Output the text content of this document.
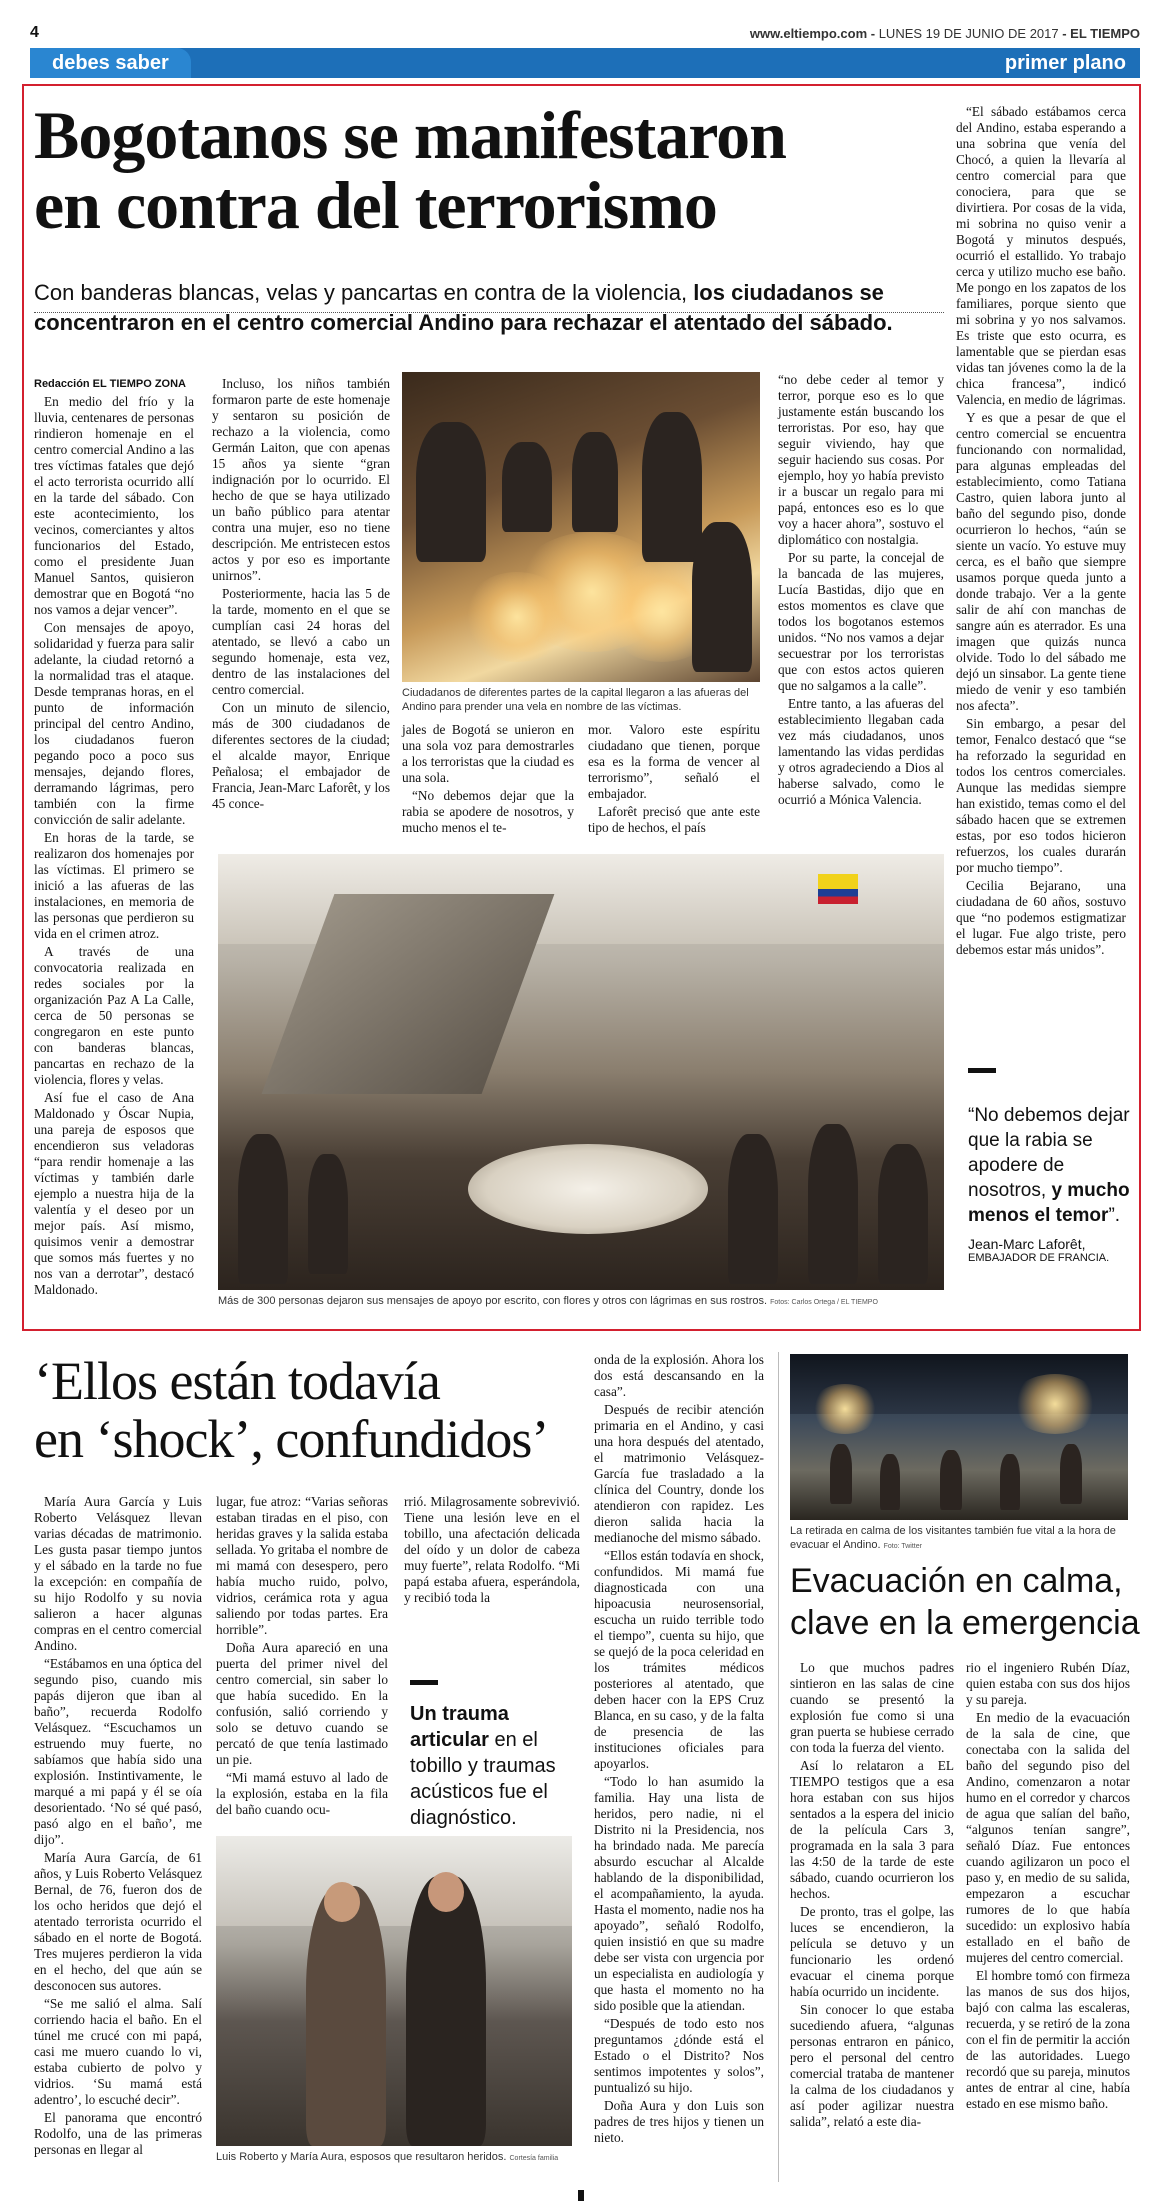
4	www.eltiempo.com - LUNES 19 DE JUNIO DE 2017 - EL TIEMPO
debes saber	primer plano
Bogotanos se manifestaron
en contra del terrorismo
Con banderas blancas, velas y pancartas en contra de la violencia, los ciudadanos se concentraron en el centro comercial Andino para rechazar el atentado del sábado.

Redacción EL TIEMPO ZONA

En medio del frío y la lluvia, centenares de personas rindieron homenaje en el centro comercial Andino a las tres víctimas fatales que dejó el acto terrorista ocurrido allí en la tarde del sábado. Con este acontecimiento, los vecinos, comerciantes y altos funcionarios del Estado, como el presidente Juan Manuel Santos, quisieron demostrar que en Bogotá “no nos vamos a dejar vencer”.

Con mensajes de apoyo, solidaridad y fuerza para salir adelante, la ciudad retornó a la normalidad tras el ataque. Desde tempranas horas, en el punto de información principal del centro Andino, los ciudadanos fueron pegando poco a poco sus mensajes, dejando flores, derramando lágrimas, pero también con la firme convicción de salir adelante.

En horas de la tarde, se realizaron dos homenajes por las víctimas. El primero se inició a las afueras de las instalaciones, en memoria de las personas que perdieron su vida en el crimen atroz.

A través de una convocatoria realizada en redes sociales por la organización Paz A La Calle, cerca de 50 personas se congregaron en este punto con banderas blancas, pancartas en rechazo de la violencia, flores y velas.

Así fue el caso de Ana Maldonado y Óscar Nupia, una pareja de esposos que encendieron sus veladoras “para rendir homenaje a las víctimas y también darle ejemplo a nuestra hija de la valentía y el deseo por un mejor país. Así mismo, quisimos venir a demostrar que somos más fuertes y no nos van a derrotar”, destacó Maldonado.

Incluso, los niños también formaron parte de este homenaje y sentaron su posición de rechazo a la violencia, como Germán Laiton, que con apenas 15 años ya siente “gran indignación por lo ocurrido. El hecho de que se haya utilizado un baño público para atentar contra una mujer, eso no tiene descripción. Me entristecen estos actos y por eso es importante unirnos”.

Posteriormente, hacia las 5 de la tarde, momento en el que se cumplían casi 24 horas del atentado, se llevó a cabo un segundo homenaje, esta vez, dentro de las instalaciones del centro comercial.

Con un minuto de silencio, más de 300 ciudadanos de diferentes sectores de la ciudad; el alcalde mayor, Enrique Peñalosa; el embajador de Francia, Jean-Marc Laforêt, y los 45 conce-

Ciudadanos de diferentes partes de la capital llegaron a las afueras del Andino para prender una vela en nombre de las víctimas.

jales de Bogotá se unieron en una sola voz para demostrarles a los terroristas que la ciudad es una sola.

“No debemos dejar que la rabia se apodere de nosotros, y mucho menos el te-

mor. Valoro este espíritu ciudadano que tienen, porque esa es la forma de vencer al terrorismo”, señaló el embajador.

Laforêt precisó que ante este tipo de hechos, el país

“no debe ceder al temor y terror, porque eso es lo que justamente están buscando los terroristas. Por eso, hay que seguir viviendo, hay que seguir haciendo sus cosas. Por ejemplo, hoy yo había previsto ir a buscar un regalo para mi papá, entonces eso es lo que voy a hacer ahora”, sostuvo el diplomático con nostalgia.

Por su parte, la concejal de la bancada de las mujeres, Lucía Bastidas, dijo que en estos momentos es clave que todos los bogotanos estemos unidos. “No nos vamos a dejar secuestrar por los terroristas que con estos actos quieren que no salgamos a la calle”.

Entre tanto, a las afueras del establecimiento llegaban cada vez más ciudadanos, unos lamentando las vidas perdidas y otros agradeciendo a Dios al haberse salvado, como le ocurrió a Mónica Valencia.

“El sábado estábamos cerca del Andino, estaba esperando a una sobrina que venía del Chocó, a quien la llevaría al centro comercial para que conociera, para que se divirtiera. Por cosas de la vida, mi sobrina no quiso venir a Bogotá y minutos después, ocurrió el estallido. Yo trabajo cerca y utilizo mucho ese baño. Me pongo en los zapatos de los familiares, porque siento que mi sobrina y yo nos salvamos. Es triste que esto ocurra, es lamentable que se pierdan esas vidas tan jóvenes como la de la chica francesa”, indicó Valencia, en medio de lágrimas.

Y es que a pesar de que el centro comercial se encuentra funcionando con normalidad, para algunas empleadas del establecimiento, como Tatiana Castro, quien labora junto al baño del segundo piso, donde ocurrieron lo hechos, “aún se siente un vacío. Yo estuve muy cerca, es el baño que siempre usamos porque queda junto a donde trabajo. Ver a la gente salir de ahí con manchas de sangre aún es aterrador. Es una imagen que quizás nunca olvide. Todo lo del sábado me dejó un sinsabor. La gente tiene miedo de venir y eso también nos afecta”.

Sin embargo, a pesar del temor, Fenalco destacó que “se ha reforzado la seguridad en todos los centros comerciales. Aunque las medidas siempre han existido, temas como el del sábado hacen que se extremen estas, por eso todos hicieron refuerzos, los cuales durarán por mucho tiempo”.

Cecilia Bejarano, una ciudadana de 60 años, sostuvo que “no podemos estigmatizar el lugar. Fue algo triste, pero debemos estar más unidos”.

Más de 300 personas dejaron sus mensajes de apoyo por escrito, con flores y otros con lágrimas en sus rostros. Fotos: Carlos Ortega / EL TIEMPO
“No debemos dejar que la rabia se apodere de nosotros, y mucho menos el temor”.
Jean-Marc Laforêt,
EMBAJADOR DE FRANCIA.
‘Ellos están todavía
en ‘shock’, confundidos’

María Aura García y Luis Roberto Velásquez llevan varias décadas de matrimonio. Les gusta pasar tiempo juntos y el sábado en la tarde no fue la excepción: en compañía de su hijo Rodolfo y su novia salieron a hacer algunas compras en el centro comercial Andino.

“Estábamos en una óptica del segundo piso, cuando mis papás dijeron que iban al baño”, recuerda Rodolfo Velásquez. “Escuchamos un estruendo muy fuerte, no sabíamos que había sido una explosión. Instintivamente, le marqué a mi papá y él se oía desorientado. ‘No sé qué pasó, pasó algo en el baño’, me dijo”.

María Aura García, de 61 años, y Luis Roberto Velásquez Bernal, de 76, fueron dos de los ocho heridos que dejó el atentado terrorista ocurrido el sábado en el norte de Bogotá. Tres mujeres perdieron la vida en el hecho, del que aún se desconocen sus autores.

“Se me salió el alma. Salí corriendo hacia el baño. En el túnel me crucé con mi papá, casi me muero cuando lo vi, estaba cubierto de polvo y vidrios. ‘Su mamá está adentro’, lo escuché decir”.

El panorama que encontró Rodolfo, una de las primeras personas en llegar al

lugar, fue atroz: “Varias señoras estaban tiradas en el piso, con heridas graves y la salida estaba sellada. Yo gritaba el nombre de mi mamá con desespero, pero había mucho ruido, polvo, vidrios, cerámica rota y agua saliendo por todas partes. Era horrible”.

Doña Aura apareció en una puerta del primer nivel del centro comercial, sin saber lo que había sucedido. En la confusión, salió corriendo y solo se detuvo cuando se percató de que tenía lastimado un pie.

“Mi mamá estuvo al lado de la explosión, estaba en la fila del baño cuando ocu-

rrió. Milagrosamente sobrevivió. Tiene una lesión leve en el tobillo, una afectación delicada del oído y un dolor de cabeza muy fuerte”, relata Rodolfo. “Mi papá estaba afuera, esperándola, y recibió toda la

Un trauma articular en el tobillo y traumas acústicos fue el diagnóstico.
Luis Roberto y María Aura, esposos que resultaron heridos. Cortesía familia

onda de la explosión. Ahora los dos está descansando en la casa”.

Después de recibir atención primaria en el Andino, y casi una hora después del atentado, el matrimonio Velásquez-García fue trasladado a la clínica del Country, donde los atendieron con rapidez. Les dieron salida hacia la medianoche del mismo sábado.

“Ellos están todavía en shock, confundidos. Mi mamá fue diagnosticada con una hipoacusia neurosensorial, escucha un ruido terrible todo el tiempo”, cuenta su hijo, que se quejó de la poca celeridad en los trámites médicos posteriores al atentado, que deben hacer con la EPS Cruz Blanca, en su caso, y de la falta de presencia de las instituciones oficiales para apoyarlos.

“Todo lo han asumido la familia. Hay una lista de heridos, pero nadie, ni el Distrito ni la Presidencia, nos ha brindado nada. Me parecía absurdo escuchar al Alcalde hablando de la disponibilidad, el acompañamiento, la ayuda. Hasta el momento, nadie nos ha apoyado”, señaló Rodolfo, quien insistió en que su madre debe ser vista con urgencia por un especialista en audiología y que hasta el momento no ha sido posible que la atiendan.

“Después de todo esto nos preguntamos ¿dónde está el Estado o el Distrito? Nos sentimos impotentes y solos”, puntualizó su hijo.

Doña Aura y don Luis son padres de tres hijos y tienen un nieto.

La retirada en calma de los visitantes también fue vital a la hora de evacuar el Andino. Foto: Twitter
Evacuación en calma,
clave en la emergencia

Lo que muchos padres sintieron en las salas de cine cuando se presentó la explosión fue como si una gran puerta se hubiese cerrado con toda la fuerza del viento.

Así lo relataron a EL TIEMPO testigos que a esa hora estaban con sus hijos sentados a la espera del inicio de la película Cars 3, programada en la sala 3 para las 4:50 de la tarde de este sábado, cuando ocurrieron los hechos.

De pronto, tras el golpe, las luces se encendieron, la película se detuvo y un funcionario les ordenó evacuar el cinema porque había ocurrido un incidente.

Sin conocer lo que estaba sucediendo afuera, “algunas personas entraron en pánico, pero el personal del centro comercial trataba de mantener la calma de los ciudadanos y así poder agilizar nuestra salida”, relató a este dia-

rio el ingeniero Rubén Díaz, quien estaba con sus dos hijos y su pareja.

En medio de la evacuación de la sala de cine, que conectaba con la salida del baño del segundo piso del Andino, comenzaron a notar humo en el corredor y charcos de agua que salían del baño, “algunos tenían sangre”, señaló Díaz. Fue entonces cuando agilizaron un poco el paso y, en medio de su salida, empezaron a escuchar rumores de lo que había sucedido: un explosivo había estallado en el baño de mujeres del centro comercial.

El hombre tomó con firmeza las manos de sus dos hijos, bajó con calma las escaleras, recuerda, y se retiró de la zona con el fin de permitir la acción de las autoridades. Luego recordó que su pareja, minutos antes de entrar al cine, había estado en ese mismo baño.
